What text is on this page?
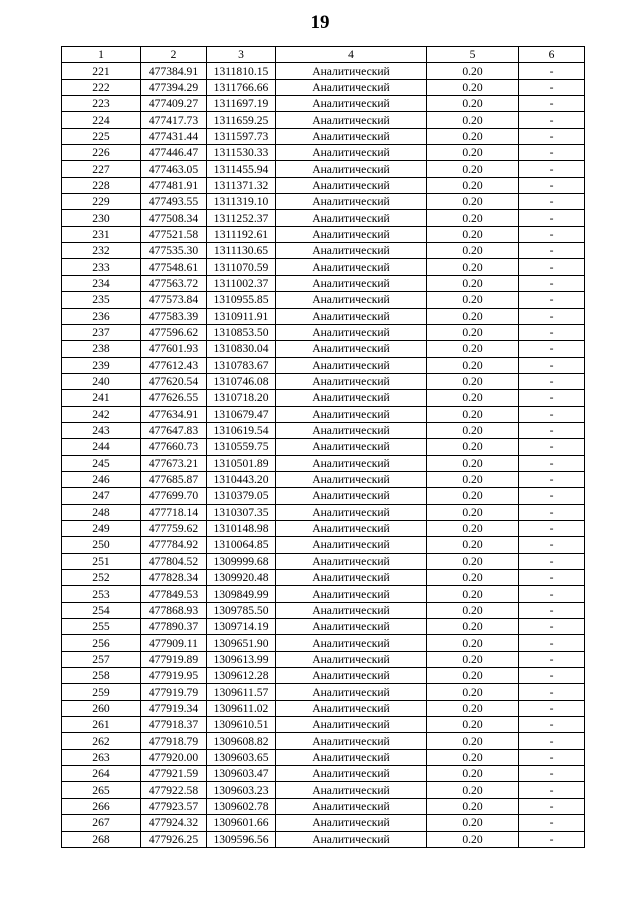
19
1	2	3	4	5	6
221	477384.91	1311810.15	Аналитический	0.20	-
222	477394.29	1311766.66	Аналитический	0.20	-
223	477409.27	1311697.19	Аналитический	0.20	-
224	477417.73	1311659.25	Аналитический	0.20	-
225	477431.44	1311597.73	Аналитический	0.20	-
226	477446.47	1311530.33	Аналитический	0.20	-
227	477463.05	1311455.94	Аналитический	0.20	-
228	477481.91	1311371.32	Аналитический	0.20	-
229	477493.55	1311319.10	Аналитический	0.20	-
230	477508.34	1311252.37	Аналитический	0.20	-
231	477521.58	1311192.61	Аналитический	0.20	-
232	477535.30	1311130.65	Аналитический	0.20	-
233	477548.61	1311070.59	Аналитический	0.20	-
234	477563.72	1311002.37	Аналитический	0.20	-
235	477573.84	1310955.85	Аналитический	0.20	-
236	477583.39	1310911.91	Аналитический	0.20	-
237	477596.62	1310853.50	Аналитический	0.20	-
238	477601.93	1310830.04	Аналитический	0.20	-
239	477612.43	1310783.67	Аналитический	0.20	-
240	477620.54	1310746.08	Аналитический	0.20	-
241	477626.55	1310718.20	Аналитический	0.20	-
242	477634.91	1310679.47	Аналитический	0.20	-
243	477647.83	1310619.54	Аналитический	0.20	-
244	477660.73	1310559.75	Аналитический	0.20	-
245	477673.21	1310501.89	Аналитический	0.20	-
246	477685.87	1310443.20	Аналитический	0.20	-
247	477699.70	1310379.05	Аналитический	0.20	-
248	477718.14	1310307.35	Аналитический	0.20	-
249	477759.62	1310148.98	Аналитический	0.20	-
250	477784.92	1310064.85	Аналитический	0.20	-
251	477804.52	1309999.68	Аналитический	0.20	-
252	477828.34	1309920.48	Аналитический	0.20	-
253	477849.53	1309849.99	Аналитический	0.20	-
254	477868.93	1309785.50	Аналитический	0.20	-
255	477890.37	1309714.19	Аналитический	0.20	-
256	477909.11	1309651.90	Аналитический	0.20	-
257	477919.89	1309613.99	Аналитический	0.20	-
258	477919.95	1309612.28	Аналитический	0.20	-
259	477919.79	1309611.57	Аналитический	0.20	-
260	477919.34	1309611.02	Аналитический	0.20	-
261	477918.37	1309610.51	Аналитический	0.20	-
262	477918.79	1309608.82	Аналитический	0.20	-
263	477920.00	1309603.65	Аналитический	0.20	-
264	477921.59	1309603.47	Аналитический	0.20	-
265	477922.58	1309603.23	Аналитический	0.20	-
266	477923.57	1309602.78	Аналитический	0.20	-
267	477924.32	1309601.66	Аналитический	0.20	-
268	477926.25	1309596.56	Аналитический	0.20	-
